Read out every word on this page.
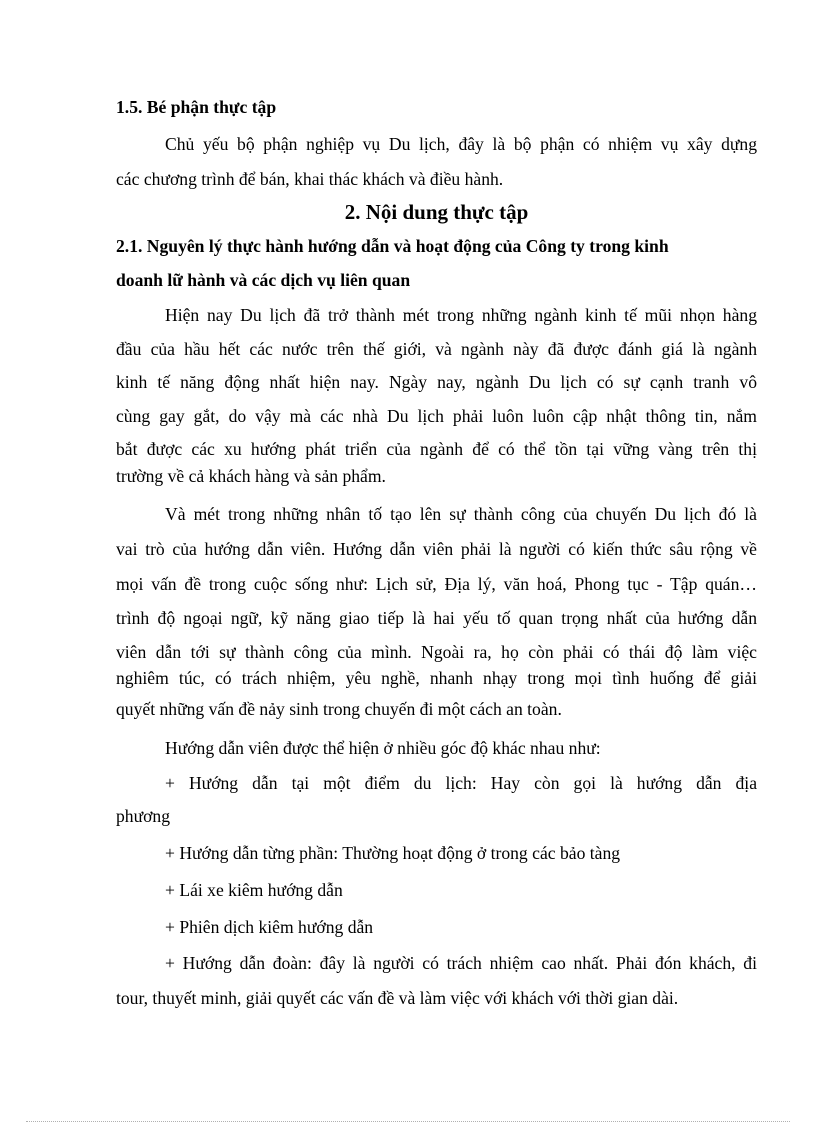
1.5. Bé phận thực tập
Chủ yếu bộ phận nghiệp vụ Du lịch, đây là bộ phận có nhiệm vụ xây dựng
các chương trình để bán, khai thác khách và điều hành.
2. Nội dung thực tập
2.1. Nguyên lý thực hành hướng dẫn và hoạt động của Công ty trong kinh
doanh lữ hành và các dịch vụ liên quan
Hiện nay Du lịch đã trở thành mét trong những ngành kinh tế mũi nhọn hàng
đầu của hầu hết các nước trên thế giới, và ngành này đã được đánh giá là ngành
kinh tế năng động nhất hiện nay. Ngày nay, ngành Du lịch có sự cạnh tranh vô
cùng gay gắt, do vậy mà các nhà Du lịch phải luôn luôn cập nhật thông tin, nắm
bắt được các xu hướng phát triển của ngành để có thể tồn tại vững vàng trên thị
trường về cả khách hàng và sản phẩm.
Và mét trong những nhân tố tạo lên sự thành công của chuyến Du lịch đó là
vai trò của hướng dẫn viên. Hướng dẫn viên phải là người có kiến thức sâu rộng về
mọi vấn đề trong cuộc sống như: Lịch sử, Địa lý, văn hoá, Phong tục - Tập quán…
trình độ ngoại ngữ, kỹ năng giao tiếp là hai yếu tố quan trọng nhất của hướng dẫn
viên dẫn tới sự thành công của mình. Ngoài ra, họ còn phải có thái độ làm việc
nghiêm túc, có trách nhiệm, yêu nghề, nhanh nhạy trong mọi tình huống để giải
quyết những vấn đề nảy sinh trong chuyến đi một cách an toàn.
Hướng dẫn viên được thể hiện ở nhiều góc độ khác nhau như:
+ Hướng dẫn tại một điểm du lịch: Hay còn gọi là hướng dẫn địa
phương
+ Hướng dẫn từng phần: Thường hoạt động ở trong các bảo tàng
+ Lái xe kiêm hướng dẫn
+ Phiên dịch kiêm hướng dẫn
+ Hướng dẫn đoàn: đây là người có trách nhiệm cao nhất. Phải đón khách, đi
tour, thuyết minh, giải quyết các vấn đề và làm việc với khách với thời gian dài.
